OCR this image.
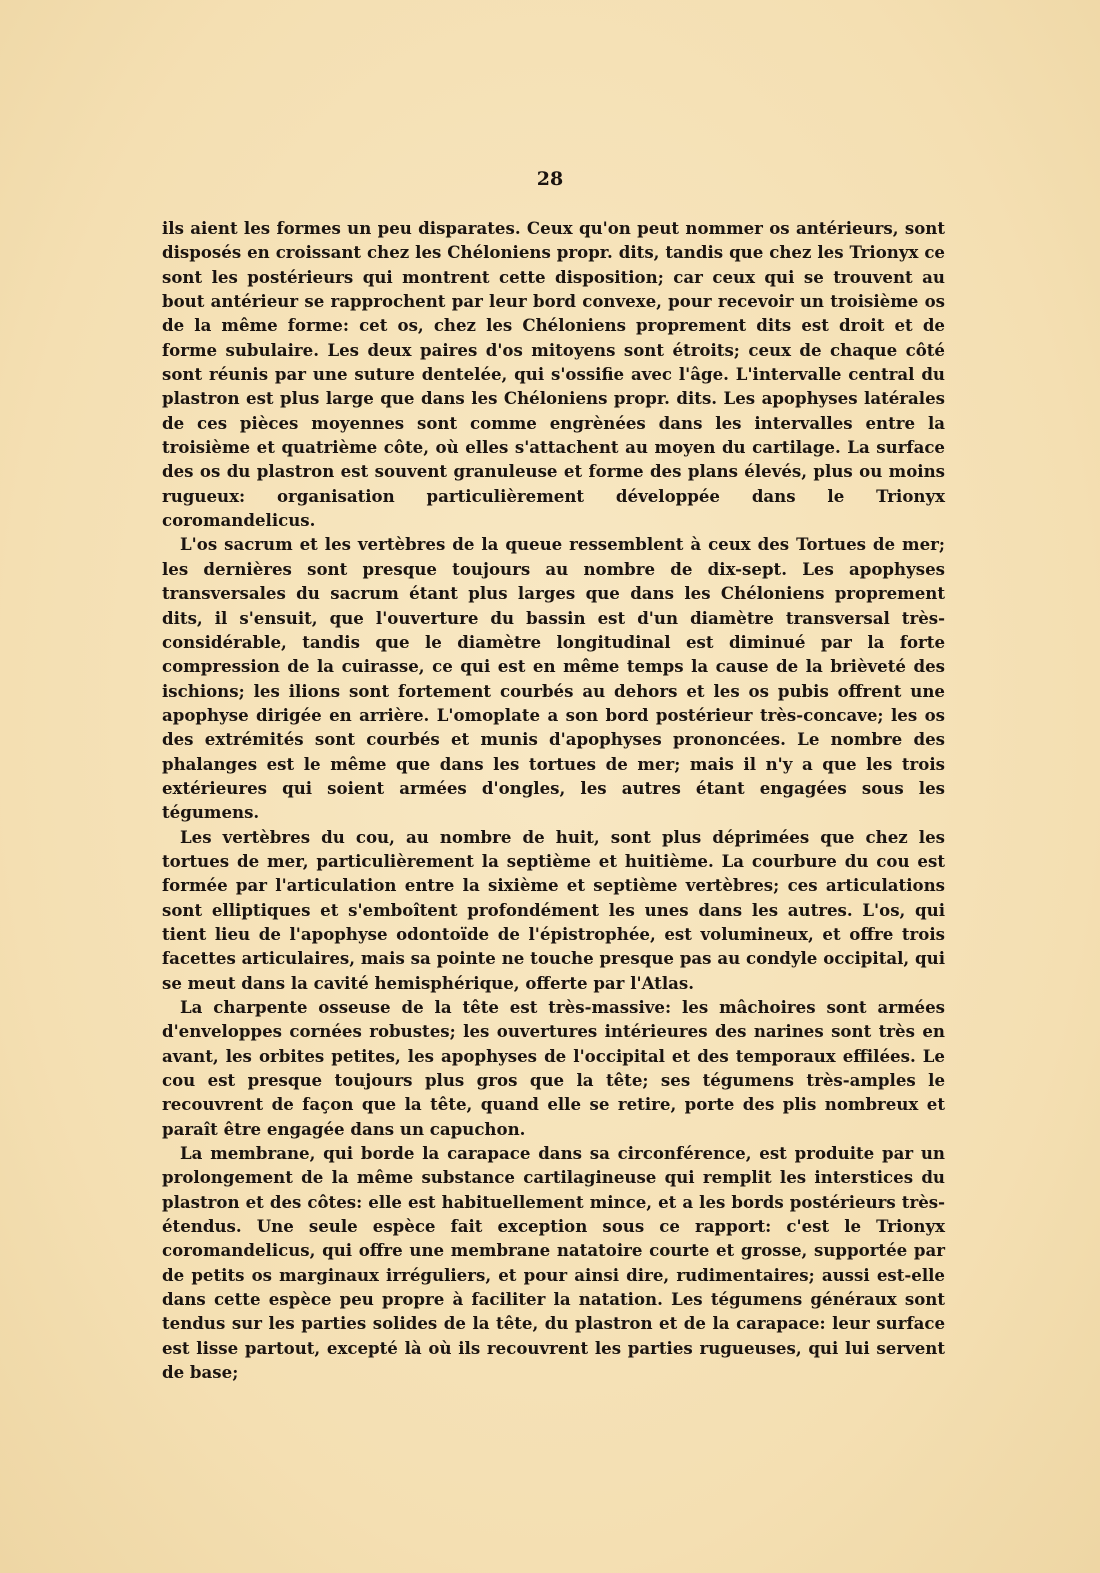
28

ils aient les formes un peu disparates. Ceux qu'on peut nommer os antérieurs, sont disposés en croissant chez les Chéloniens propr. dits, tandis que chez les Trionyx ce sont les postérieurs qui montrent cette disposition; car ceux qui se trouvent au bout antérieur se rapprochent par leur bord convexe, pour recevoir un troisième os de la même forme: cet os, chez les Chéloniens proprement dits est droit et de forme subulaire. Les deux paires d'os mitoyens sont étroits; ceux de chaque côté sont réunis par une suture dentelée, qui s'ossifie avec l'âge. L'intervalle central du plastron est plus large que dans les Chéloniens propr. dits. Les apophyses latérales de ces pièces moyennes sont comme engrènées dans les intervalles entre la troisième et quatrième côte, où elles s'attachent au moyen du cartilage. La surface des os du plastron est souvent granuleuse et forme des plans élevés, plus ou moins rugueux: organisation particulièrement développée dans le Trionyx coromandelicus.

L'os sacrum et les vertèbres de la queue ressemblent à ceux des Tortues de mer; les dernières sont presque toujours au nombre de dix-sept. Les apophyses transversales du sacrum étant plus larges que dans les Chéloniens proprement dits, il s'ensuit, que l'ouverture du bassin est d'un diamètre transversal très-considérable, tandis que le diamètre longitudinal est diminué par la forte compression de la cuirasse, ce qui est en même temps la cause de la brièveté des ischions; les ilions sont fortement courbés au dehors et les os pubis offrent une apophyse dirigée en arrière. L'omoplate a son bord postérieur très-concave; les os des extrémités sont courbés et munis d'apophyses prononcées. Le nombre des phalanges est le même que dans les tortues de mer; mais il n'y a que les trois extérieures qui soient armées d'ongles, les autres étant engagées sous les tégumens.

Les vertèbres du cou, au nombre de huit, sont plus déprimées que chez les tortues de mer, particulièrement la septième et huitième. La courbure du cou est formée par l'articulation entre la sixième et septième vertèbres; ces articulations sont elliptiques et s'emboîtent profondément les unes dans les autres. L'os, qui tient lieu de l'apophyse odontoïde de l'épistrophée, est volumineux, et offre trois facettes articulaires, mais sa pointe ne touche presque pas au condyle occipital, qui se meut dans la cavité hemisphérique, offerte par l'Atlas.

La charpente osseuse de la tête est très-massive: les mâchoires sont armées d'enveloppes cornées robustes; les ouvertures intérieures des narines sont très en avant, les orbites petites, les apophyses de l'occipital et des temporaux effilées. Le cou est presque toujours plus gros que la tête; ses tégumens très-amples le recouvrent de façon que la tête, quand elle se retire, porte des plis nombreux et paraît être engagée dans un capuchon.

La membrane, qui borde la carapace dans sa circonférence, est produite par un prolongement de la même substance cartilagineuse qui remplit les interstices du plastron et des côtes: elle est habituellement mince, et a les bords postérieurs très-étendus. Une seule espèce fait exception sous ce rapport: c'est le Trionyx coromandelicus, qui offre une membrane natatoire courte et grosse, supportée par de petits os marginaux irréguliers, et pour ainsi dire, rudimentaires; aussi est-elle dans cette espèce peu propre à faciliter la natation. Les tégumens généraux sont tendus sur les parties solides de la tête, du plastron et de la carapace: leur surface est lisse partout, excepté là où ils recouvrent les parties rugueuses, qui lui servent de base;
